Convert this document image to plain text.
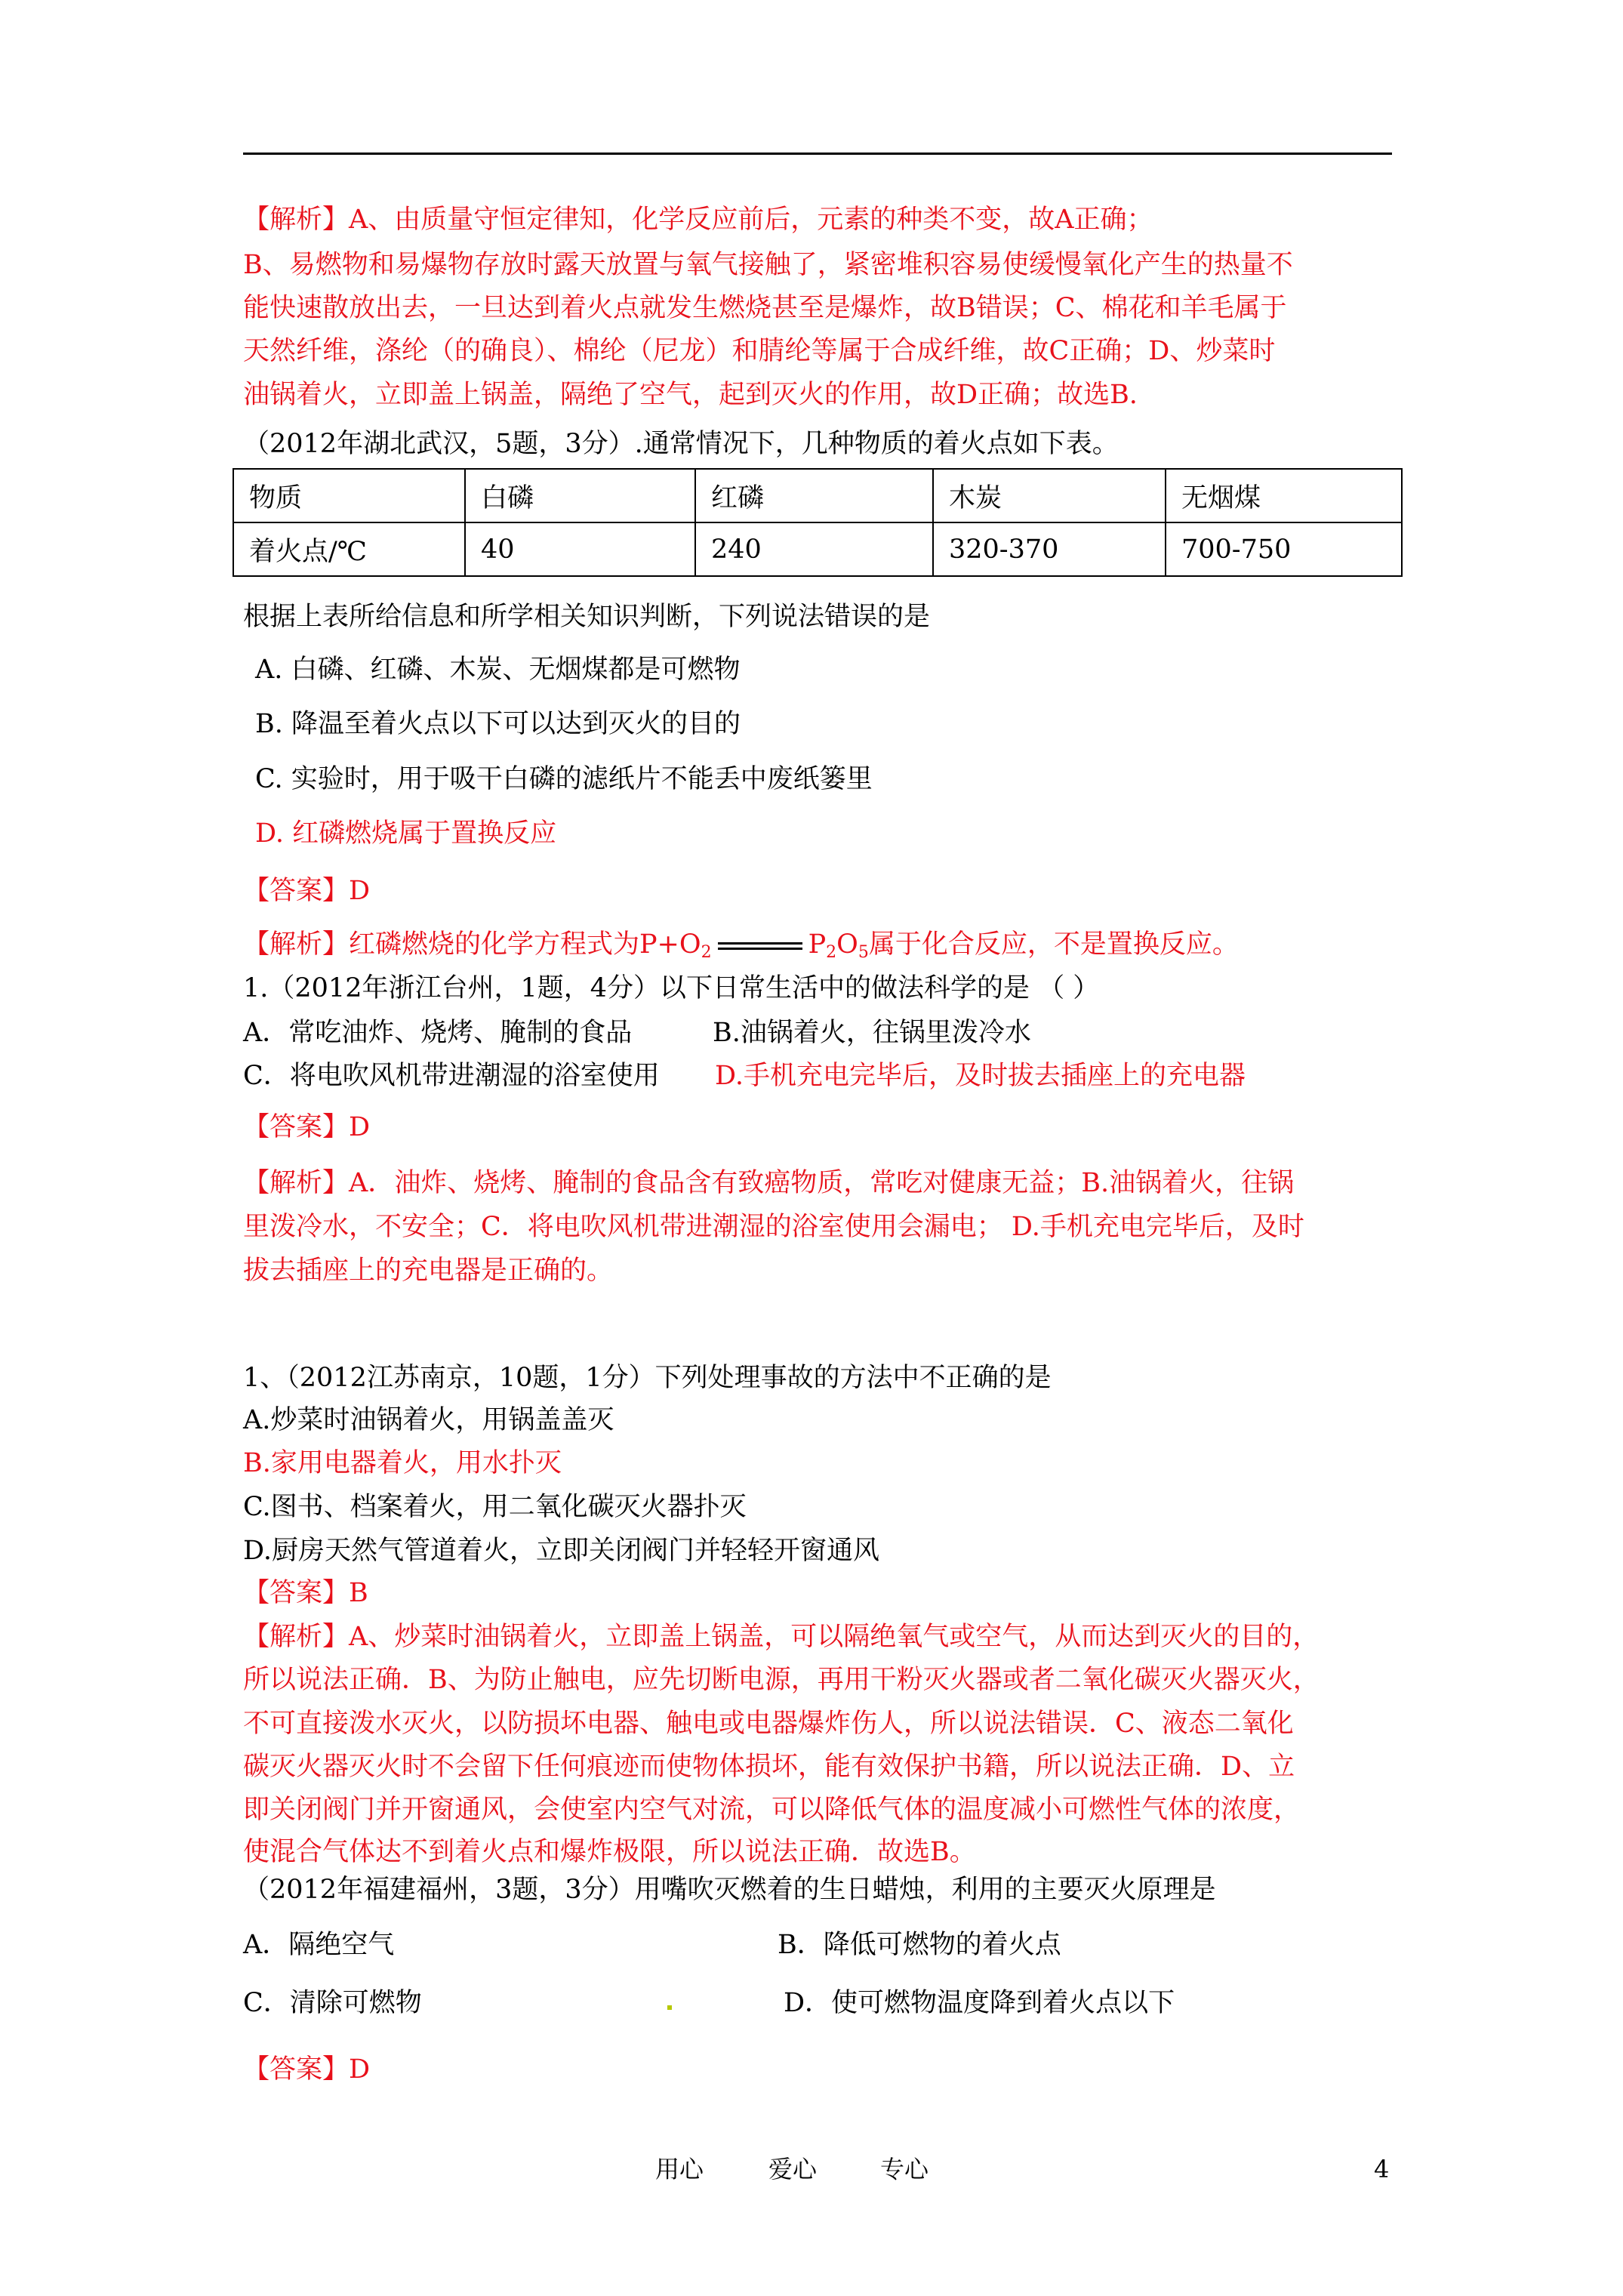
【解析】A、由质量守恒定律知，化学反应前后，元素的种类不变，故A正确；
B、易燃物和易爆物存放时露天放置与氧气接触了，紧密堆积容易使缓慢氧化产生的热量不
能快速散放出去，一旦达到着火点就发生燃烧甚至是爆炸，故B错误；C、棉花和羊毛属于
天然纤维，涤纶（的确良）、棉纶（尼龙）和腈纶等属于合成纤维，故C正确；D、炒菜时
油锅着火，立即盖上锅盖，隔绝了空气，起到灭火的作用，故D正确；故选B.
（2012年湖北武汉，5题，3分）.通常情况下，几种物质的着火点如下表。
物质	白磷	红磷	木炭	无烟煤
着火点/℃	40	240	320-370	700-750
根据上表所给信息和所学相关知识判断，下列说法错误的是
A. 白磷、红磷、木炭、无烟煤都是可燃物
B. 降温至着火点以下可以达到灭火的目的
C. 实验时，用于吸干白磷的滤纸片不能丢中废纸篓里
D. 红磷燃烧属于置换反应
【答案】D
【解析】红磷燃烧的化学方程式为$P+O_2$	$P_2O_5$属于化合反应，不是置换反应。
1.（2012年浙江台州，1题，4分）以下日常生活中的做法科学的是 （ ）
A．常吃油炸、烧烤、腌制的食品	B.油锅着火，往锅里泼冷水
C．将电吹风机带进潮湿的浴室使用 D.手机充电完毕后，及时拔去插座上的充电器
【答案】D
【解析】A．油炸、烧烤、腌制的食品含有致癌物质，常吃对健康无益；B.油锅着火，往锅
里泼冷水，不安全；C．将电吹风机带进潮湿的浴室使用会漏电； D.手机充电完毕后，及时
拔去插座上的充电器是正确的。
1、（2012江苏南京，10题，1分）下列处理事故的方法中不正确的是
A.炒菜时油锅着火，用锅盖盖灭
B.家用电器着火，用水扑灭
C.图书、档案着火，用二氧化碳灭火器扑灭
D.厨房天然气管道着火，立即关闭阀门并轻轻开窗通风
【答案】B
【解析】A、炒菜时油锅着火，立即盖上锅盖，可以隔绝氧气或空气，从而达到灭火的目的，
所以说法正确．B、为防止触电，应先切断电源，再用干粉灭火器或者二氧化碳灭火器灭火，
不可直接泼水灭火，以防损坏电器、触电或电器爆炸伤人，所以说法错误．C、液态二氧化
碳灭火器灭火时不会留下任何痕迹而使物体损坏，能有效保护书籍，所以说法正确．D、立
即关闭阀门并开窗通风，会使室内空气对流，可以降低气体的温度减小可燃性气体的浓度，
使混合气体达不到着火点和爆炸极限，所以说法正确．故选B。
（2012年福建福州，3题，3分）用嘴吹灭燃着的生日蜡烛，利用的主要灭火原理是
A．隔绝空气	B．降低可燃物的着火点
C．清除可燃物	D．使可燃物温度降到着火点以下
【答案】D
用心	爱心	专心	4
